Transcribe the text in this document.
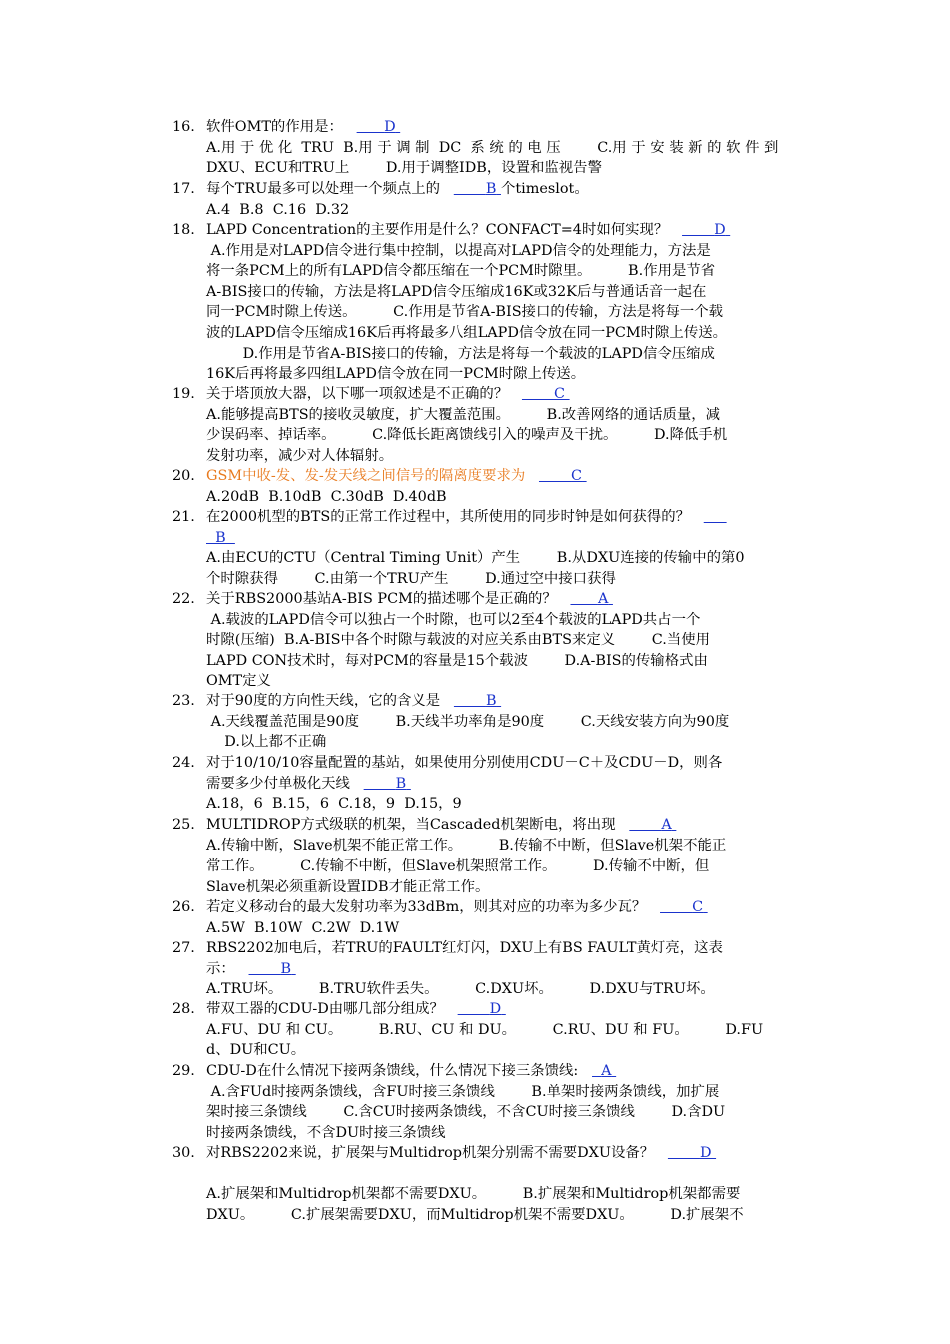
16. 软件OMT的作用是：	D
A.用 于 优 化  TRU  B.用 于 调 制  DC  系 统 的 电 压        C.用 于 安 装 新 的 软 件 到
DXU、ECU和TRU上        D.用于调整IDB，设置和监视告警
17. 每个TRU最多可以处理一个频点上的	B 个timeslot。
A.4  B.8  C.16  D.32
18. LAPD Concentration的主要作用是什么？CONFACT=4时如何实现？	D
A.作用是对LAPD信令进行集中控制，以提高对LAPD信令的处理能力，方法是
将一条PCM上的所有LAPD信令都压缩在一个PCM时隙里。        B.作用是节省
A-BIS接口的传输，方法是将LAPD信令压缩成16K或32K后与普通话音一起在
同一PCM时隙上传送。        C.作用是节省A-BIS接口的传输，方法是将每一个载
波的LAPD信令压缩成16K后再将最多八组LAPD信令放在同一PCM时隙上传送。
D.作用是节省A-BIS接口的传输，方法是将每一个载波的LAPD信令压缩成
16K后再将最多四组LAPD信令放在同一PCM时隙上传送。
19. 关于塔顶放大器，以下哪一项叙述是不正确的？	C
A.能够提高BTS的接收灵敏度，扩大覆盖范围。        B.改善网络的通话质量，减
少误码率、掉话率。        C.降低长距离馈线引入的噪声及干扰。        D.降低手机
发射功率，减少对人体辐射。
20. GSM中收-发、发-发天线之间信号的隔离度要求为	C
A.20dB  B.10dB  C.30dB  D.40dB
21. 在2000机型的BTS的正常工作过程中，其所使用的同步时钟是如何获得的？
B
A.由ECU的CTU（Central Timing Unit）产生        B.从DXU连接的传输中的第0
个时隙获得        C.由第一个TRU产生        D.通过空中接口获得
22. 关于RBS2000基站A-BIS PCM的描述哪个是正确的？	A
A.载波的LAPD信令可以独占一个时隙，也可以2至4个载波的LAPD共占一个
时隙(压缩)  B.A-BIS中各个时隙与载波的对应关系由BTS来定义        C.当使用
LAPD CON技术时，每对PCM的容量是15个载波        D.A-BIS的传输格式由
OMT定义
23. 对于90度的方向性天线，它的含义是	B
A.天线覆盖范围是90度        B.天线半功率角是90度        C.天线安装方向为90度
D.以上都不正确
24. 对于10/10/10容量配置的基站，如果使用分别使用CDU－C＋及CDU－D，则各
需要多少付单极化天线          B
A.18，6  B.15，6  C.18，9  D.15，9
25. MULTIDROP方式级联的机架，当Cascaded机架断电，将出现	A
A.传输中断，Slave机架不能正常工作。        B.传输不中断，但Slave机架不能正
常工作。        C.传输不中断，但Slave机架照常工作。        D.传输不中断，但
Slave机架必须重新设置IDB才能正常工作。
26. 若定义移动台的最大发射功率为33dBm，则其对应的功率为多少瓦？	C
A.5W  B.10W  C.2W  D.1W
27. RBS2202加电后，若TRU的FAULT红灯闪，DXU上有BS FAULT黄灯亮，这表
示：          B
A.TRU坏。        B.TRU软件丢失。        C.DXU坏。        D.DXU与TRU坏。
28. 带双工器的CDU-D由哪几部分组成？	D
A.FU、DU 和 CU。        B.RU、CU 和 DU。        C.RU、DU 和 FU。        D.FU
d、DU和CU。
29. CDU-D在什么情况下接两条馈线，什么情况下接三条馈线: A
A.含FUd时接两条馈线，含FU时接三条馈线        B.单架时接两条馈线，加扩展
架时接三条馈线        C.含CU时接两条馈线，不含CU时接三条馈线        D.含DU
时接两条馈线，不含DU时接三条馈线
30. 对RBS2202来说，扩展架与Multidrop机架分别需不需要DXU设备？	D

A.扩展架和Multidrop机架都不需要DXU。        B.扩展架和Multidrop机架都需要
DXU。        C.扩展架需要DXU，而Multidrop机架不需要DXU。        D.扩展架不
